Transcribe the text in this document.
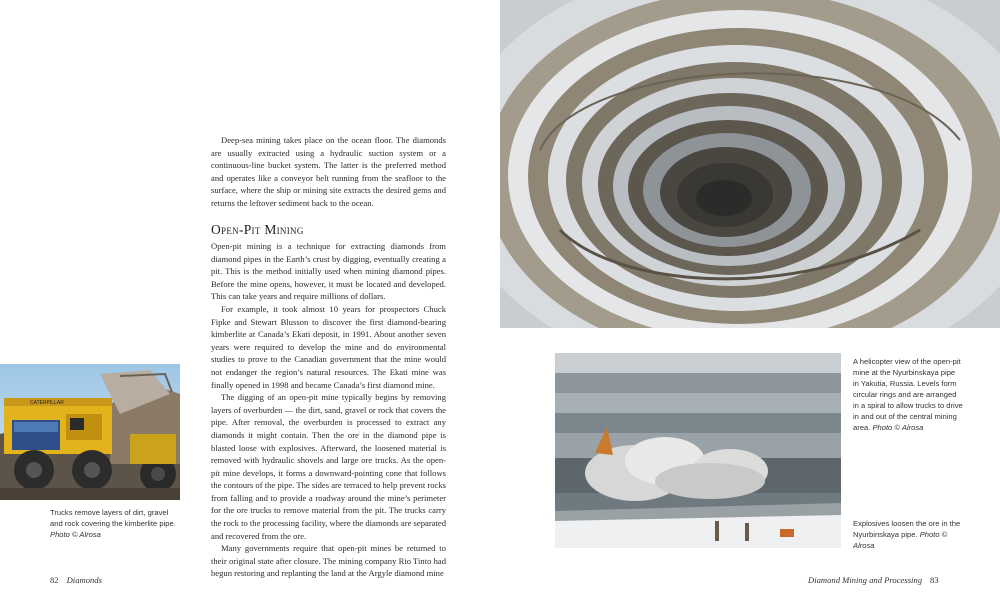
Deep-sea mining takes place on the ocean floor. The diamonds are usually extracted using a hydraulic suction system or a continuous-line bucket system. The latter is the preferred method and operates like a conveyor belt running from the seafloor to the surface, where the ship or mining site extracts the desired gems and returns the leftover sediment back to the ocean.

Open-Pit Mining

Open-pit mining is a technique for extracting diamonds from diamond pipes in the Earth’s crust by digging, eventually creating a pit. This is the method initially used when mining diamond pipes. Before the mine opens, however, it must be located and developed. This can take years and require millions of dollars.

For example, it took almost 10 years for prospectors Chuck Fipke and Stewart Blusson to discover the first diamond-bearing kimberlite at Canada’s Ekati deposit, in 1991. About another seven years were required to develop the mine and do environmental studies to prove to the Canadian government that the mine would not endanger the region’s natural resources. The Ekati mine was finally opened in 1998 and became Canada’s first diamond mine.

The digging of an open-pit mine typically begins by removing layers of overburden — the dirt, sand, gravel or rock that covers the pipe. After removal, the overburden is processed to extract any diamonds it might contain. Then the ore in the diamond pipe is blasted loose with explosives. Afterward, the loosened material is removed with hydraulic shovels and large ore trucks. As the open-pit mine develops, it forms a downward-pointing cone that follows the contours of the pipe. The sides are terraced to help prevent rocks from falling and to provide a roadway around the mine’s perimeter for the ore trucks to remove material from the pit. The trucks carry the rock to the processing facility, where the diamonds are separated and recovered from the ore.

Many governments require that open-pit mines be returned to their original state after closure. The mining company Rio Tinto had begun restoring and replanting the land at the Argyle diamond mine

CATERPILLAR

Trucks remove layers of dirt, gravel and rock covering the kimberlite pipe. Photo © Alrosa

82 Diamonds

A helicopter view of the open-pit mine at the Nyurbinskaya pipe in Yakutia, Russia. Levels form circular rings and are arranged in a spiral to allow trucks to drive in and out of the central mining area. Photo © Alrosa

Explosives loosen the ore in the Nyurbinskaya pipe. Photo © Alrosa

Diamond Mining and Processing 83
